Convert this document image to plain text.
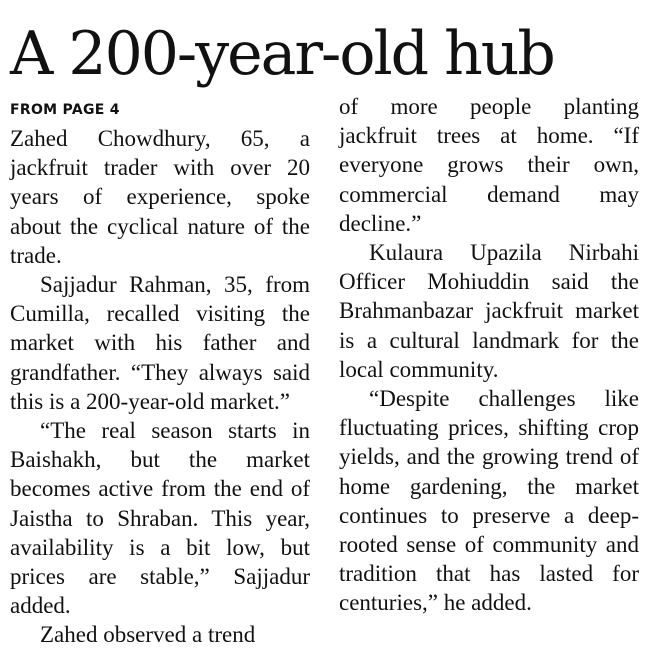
A 200-year-old hub
FROM PAGE 4

Zahed Chowdhury, 65, a jackfruit trader with over 20 years of experience, spoke about the cyclical nature of the trade.

Sajjadur Rahman, 35, from Cumilla, recalled visiting the market with his father and grandfather. “They always said this is a 200-year-old market.”

“The real season starts in Baishakh, but the market becomes active from the end of Jaistha to Shraban. This year, availability is a bit low, but prices are stable,” Sajjadur added.

Zahed observed a trend

of more people planting jackfruit trees at home. “If everyone grows their own, commercial demand may decline.”

Kulaura Upazila Nirbahi Officer Mohiuddin said the Brahmanbazar jackfruit market is a cultural landmark for the local community.

“Despite challenges like fluctuating prices, shifting crop yields, and the growing trend of home gardening, the market continues to preserve a deep-rooted sense of community and tradition that has lasted for centuries,” he added.
